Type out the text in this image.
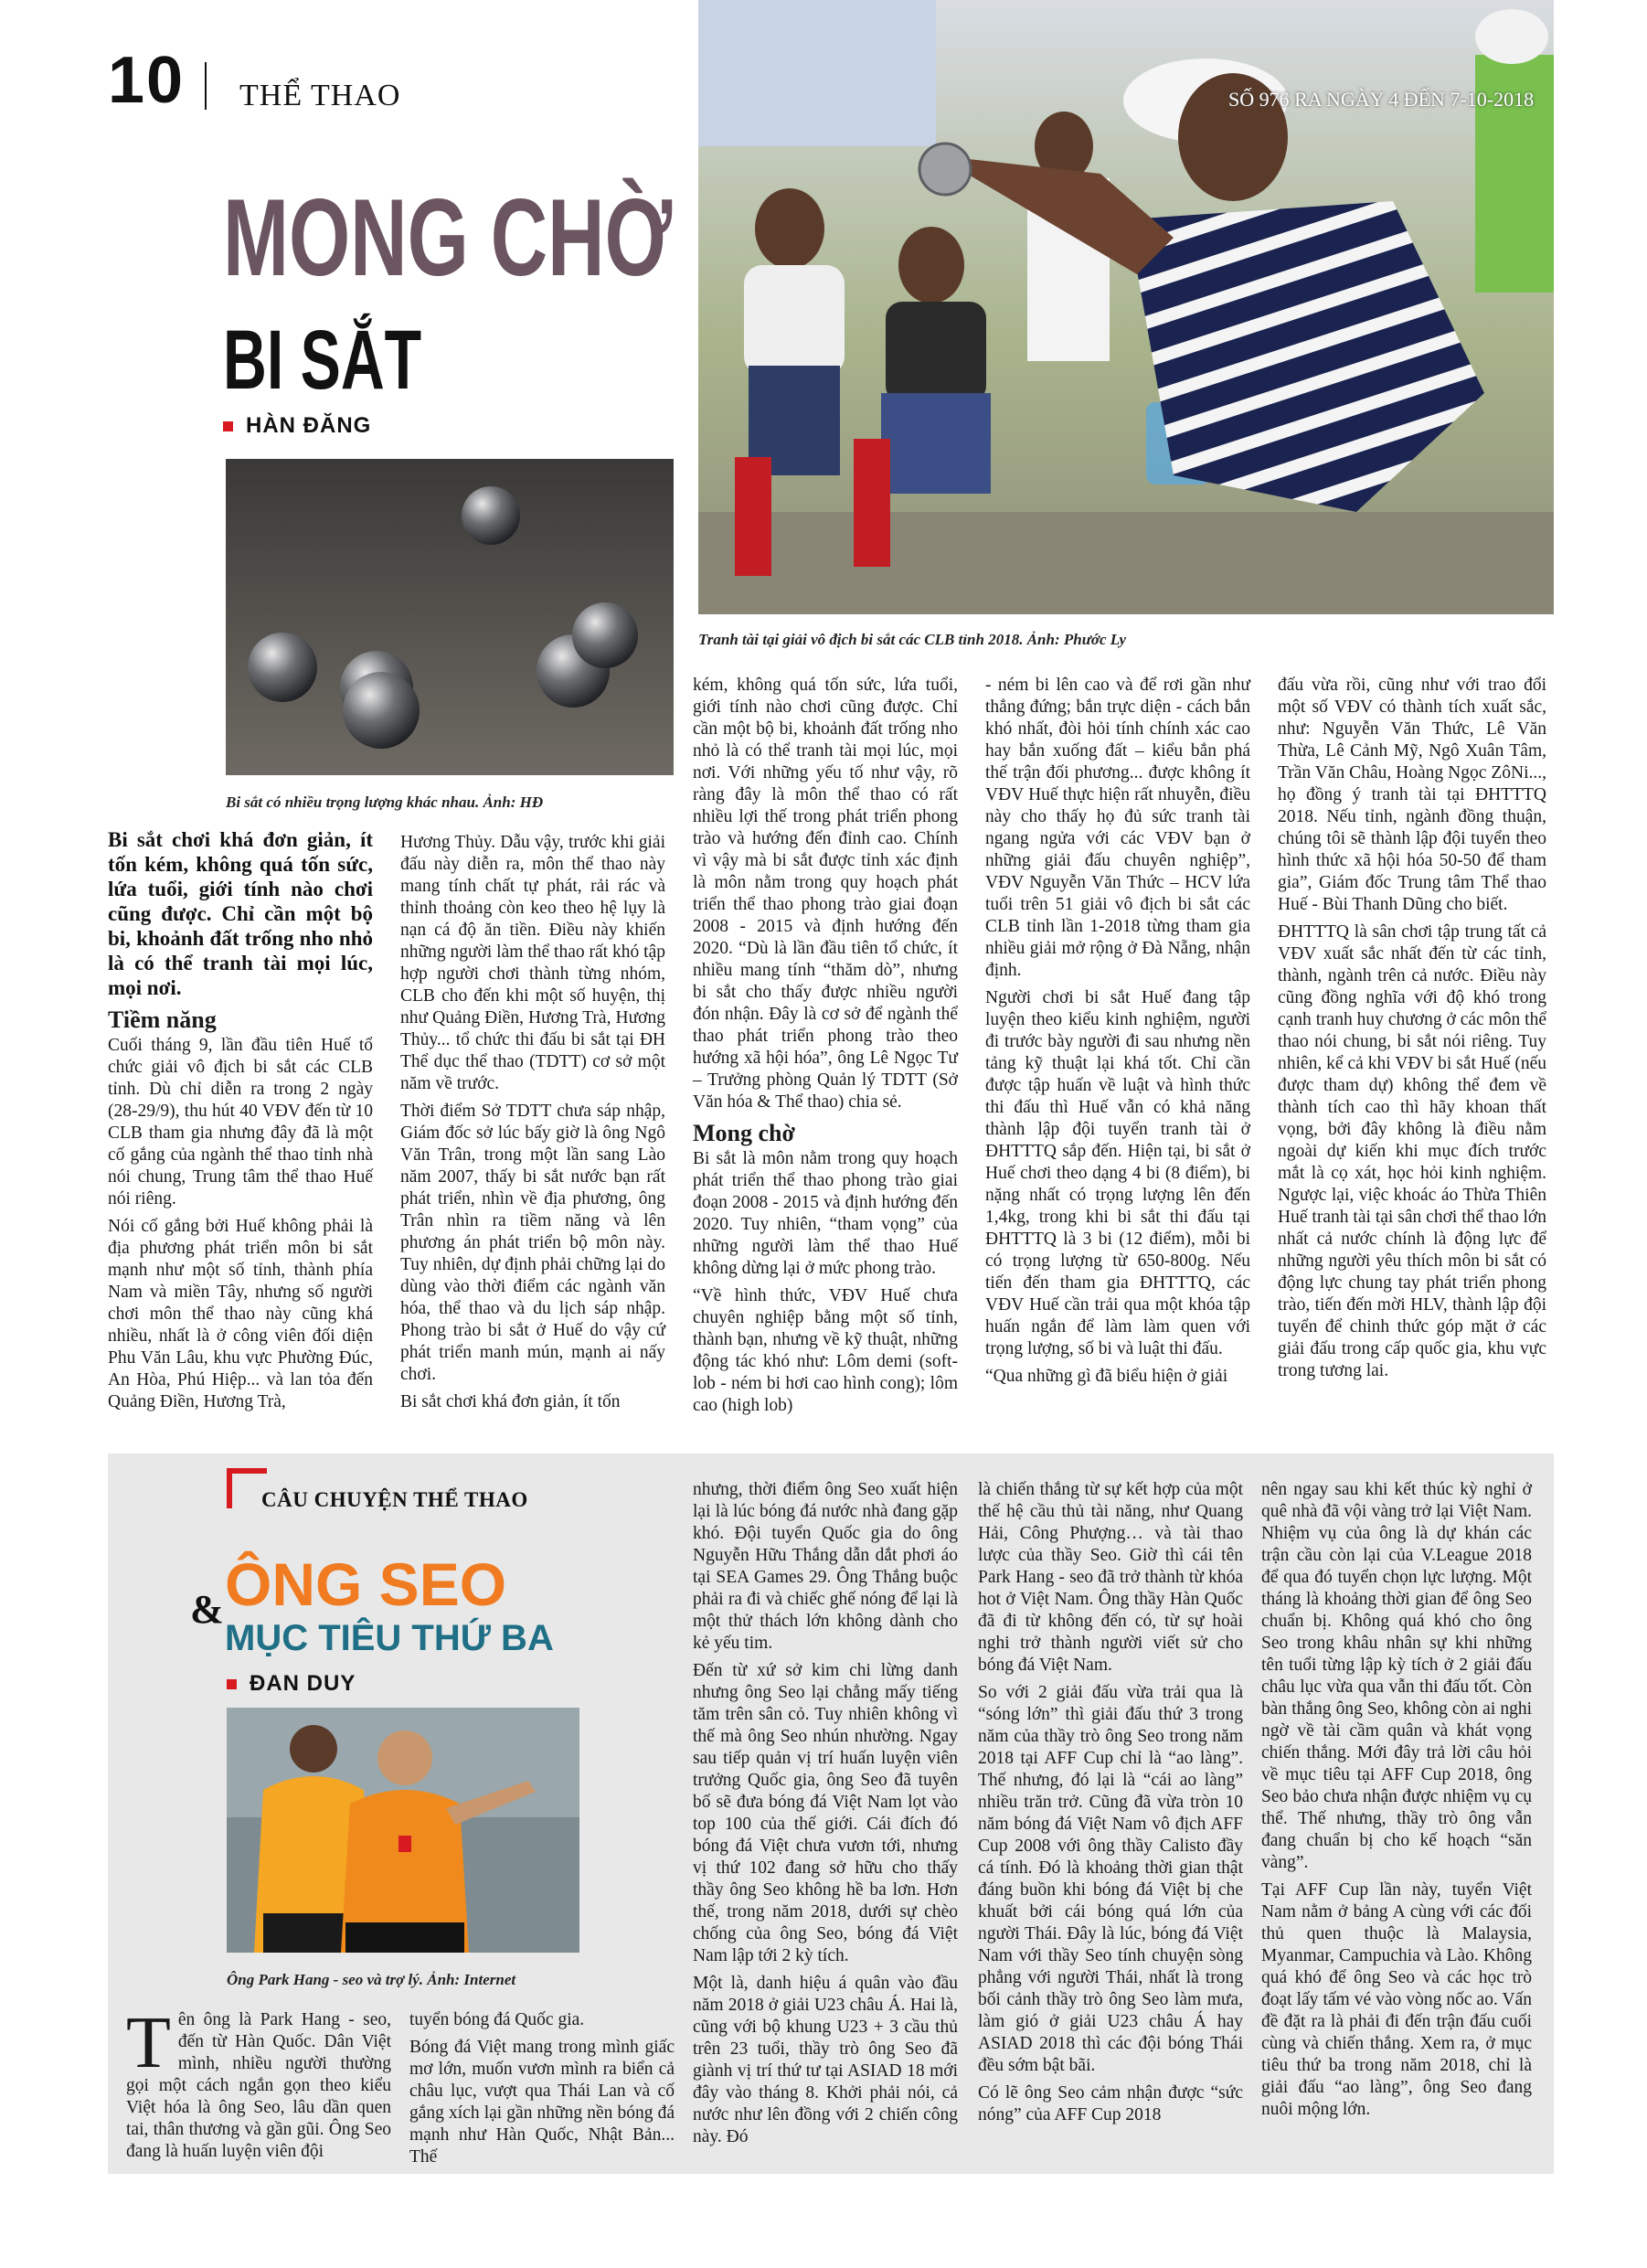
10 THỂ THAO	SỐ 976 RA NGÀY 4 ĐẾN 7-10-2018
Tranh tài tại giải vô địch bi sắt các CLB tỉnh 2018. Ảnh: Phước Ly
MONG CHỜ
BI SẮT
HÀN ĐĂNG
Bi sắt có nhiều trọng lượng khác nhau. Ảnh: HĐ

Bi sắt chơi khá đơn giản, ít tốn kém, không quá tốn sức, lứa tuổi, giới tính nào chơi cũng được. Chỉ cần một bộ bi, khoảnh đất trống nho nhỏ là có thể tranh tài mọi lúc, mọi nơi.

Tiềm năng

Cuối tháng 9, lần đầu tiên Huế tổ chức giải vô địch bi sắt các CLB tỉnh. Dù chỉ diễn ra trong 2 ngày (28-29/9), thu hút 40 VĐV đến từ 10 CLB tham gia nhưng đây đã là một cố gắng của ngành thể thao tỉnh nhà nói chung, Trung tâm thể thao Huế nói riêng.

Nói cố gắng bởi Huế không phải là địa phương phát triển môn bi sắt mạnh như một số tỉnh, thành phía Nam và miền Tây, nhưng số người chơi môn thể thao này cũng khá nhiều, nhất là ở công viên đối diện Phu Văn Lâu, khu vực Phường Đúc, An Hòa, Phú Hiệp... và lan tỏa đến Quảng Điền, Hương Trà,

Hương Thủy. Dẫu vậy, trước khi giải đấu này diễn ra, môn thể thao này mang tính chất tự phát, rải rác và thỉnh thoảng còn keo theo hệ lụy là nạn cá độ ăn tiền. Điều này khiến những người làm thể thao rất khó tập hợp người chơi thành từng nhóm, CLB cho đến khi một số huyện, thị như Quảng Điền, Hương Trà, Hương Thủy... tổ chức thi đấu bi sắt tại ĐH Thể dục thể thao (TDTT) cơ sở một năm về trước.

Thời điểm Sở TDTT chưa sáp nhập, Giám đốc sở lúc bấy giờ là ông Ngô Văn Trân, trong một lần sang Lào năm 2007, thấy bi sắt nước bạn rất phát triển, nhìn về địa phương, ông Trân nhìn ra tiềm năng và lên phương án phát triển bộ môn này. Tuy nhiên, dự định phải chững lại do dùng vào thời điểm các ngành văn hóa, thể thao và du lịch sáp nhập. Phong trào bi sắt ở Huế do vậy cứ phát triển manh mún, mạnh ai nấy chơi.

Bi sắt chơi khá đơn giản, ít tốn

kém, không quá tốn sức, lứa tuổi, giới tính nào chơi cũng được. Chỉ cần một bộ bi, khoảnh đất trống nho nhỏ là có thể tranh tài mọi lúc, mọi nơi. Với những yếu tố như vậy, rõ ràng đây là môn thể thao có rất nhiều lợi thế trong phát triển phong trào và hướng đến đỉnh cao. Chính vì vậy mà bi sắt được tỉnh xác định là môn nằm trong quy hoạch phát triển thể thao phong trào giai đoạn 2008 - 2015 và định hướng đến 2020. “Dù là lần đầu tiên tổ chức, ít nhiều mang tính “thăm dò”, nhưng bi sắt cho thấy được nhiều người đón nhận. Đây là cơ sở để ngành thể thao phát triển phong trào theo hướng xã hội hóa”, ông Lê Ngọc Tư – Trưởng phòng Quản lý TDTT (Sở Văn hóa & Thể thao) chia sẻ.

Mong chờ

Bi sắt là môn nằm trong quy hoạch phát triển thể thao phong trào giai đoạn 2008 - 2015 và định hướng đến 2020. Tuy nhiên, “tham vọng” của những người làm thể thao Huế không dừng lại ở mức phong trào.

“Về hình thức, VĐV Huế chưa chuyên nghiệp bằng một số tỉnh, thành bạn, nhưng về kỹ thuật, những động tác khó như: Lôm demi (soft-lob - ném bi hơi cao hình cong); lôm cao (high lob)

- ném bi lên cao và để rơi gần như thẳng đứng; bắn trực diện - cách bắn khó nhất, đòi hỏi tính chính xác cao hay bắn xuống đất – kiểu bắn phá thế trận đối phương... được không ít VĐV Huế thực hiện rất nhuyễn, điều này cho thấy họ đủ sức tranh tài ngang ngửa với các VĐV bạn ở những giải đấu chuyên nghiệp”, VĐV Nguyễn Văn Thức – HCV lứa tuổi trên 51 giải vô địch bi sắt các CLB tỉnh lần 1-2018 từng tham gia nhiều giải mở rộng ở Đà Nẵng, nhận định.

Người chơi bi sắt Huế đang tập luyện theo kiểu kinh nghiệm, người đi trước bày người đi sau nhưng nền tảng kỹ thuật lại khá tốt. Chỉ cần được tập huấn về luật và hình thức thi đấu thì Huế vẫn có khả năng thành lập đội tuyển tranh tài ở ĐHTTTQ sắp đến. Hiện tại, bi sắt ở Huế chơi theo dạng 4 bi (8 điểm), bi nặng nhất có trọng lượng lên đến 1,4kg, trong khi bi sắt thi đấu tại ĐHTTTQ là 3 bi (12 điểm), mỗi bi có trọng lượng từ 650-800g. Nếu tiến đến tham gia ĐHTTTQ, các VĐV Huế cần trải qua một khóa tập huấn ngắn để làm làm quen với trọng lượng, số bi và luật thi đấu.

“Qua những gì đã biểu hiện ở giải

đấu vừa rồi, cũng như với trao đổi một số VĐV có thành tích xuất sắc, như: Nguyễn Văn Thức, Lê Văn Thừa, Lê Cảnh Mỹ, Ngô Xuân Tâm, Trần Văn Châu, Hoàng Ngọc ZôNi..., họ đồng ý tranh tài tại ĐHTTTQ 2018. Nếu tỉnh, ngành đồng thuận, chúng tôi sẽ thành lập đội tuyển theo hình thức xã hội hóa 50-50 để tham gia”, Giám đốc Trung tâm Thể thao Huế - Bùi Thanh Dũng cho biết.

ĐHTTTQ là sân chơi tập trung tất cả VĐV xuất sắc nhất đến từ các tỉnh, thành, ngành trên cả nước. Điều này cũng đồng nghĩa với độ khó trong cạnh tranh huy chương ở các môn thể thao nói chung, bi sắt nói riêng. Tuy nhiên, kể cả khi VĐV bi sắt Huế (nếu được tham dự) không thể đem về thành tích cao thì hãy khoan thất vọng, bởi đây không là điều nằm ngoài dự kiến khi mục đích trước mắt là cọ xát, học hỏi kinh nghiệm. Ngược lại, việc khoác áo Thừa Thiên Huế tranh tài tại sân chơi thể thao lớn nhất cả nước chính là động lực để những người yêu thích môn bi sắt có động lực chung tay phát triển phong trào, tiến đến mời HLV, thành lập đội tuyển để chinh thức góp mặt ở các giải đấu trong cấp quốc gia, khu vực trong tương lai.

CÂU CHUYỆN THỂ THAO
ÔNG SEO
&
MỤC TIÊU THỨ BA
ĐAN DUY
Ông Park Hang - seo và trợ lý. Ảnh: Internet

Tên ông là Park Hang - seo, đến từ Hàn Quốc. Dân Việt mình, nhiều người thường gọi một cách ngắn gọn theo kiểu Việt hóa là ông Seo, lâu dần quen tai, thân thương và gần gũi. Ông Seo đang là huấn luyện viên đội

tuyển bóng đá Quốc gia.

Bóng đá Việt mang trong mình giấc mơ lớn, muốn vươn mình ra biển cả châu lục, vượt qua Thái Lan và cố gắng xích lại gần những nền bóng đá mạnh như Hàn Quốc, Nhật Bản... Thế

nhưng, thời điểm ông Seo xuất hiện lại là lúc bóng đá nước nhà đang gặp khó. Đội tuyển Quốc gia do ông Nguyễn Hữu Thắng dẫn dắt phơi áo tại SEA Games 29. Ông Thắng buộc phải ra đi và chiếc ghế nóng để lại là một thử thách lớn không dành cho kẻ yếu tim.

Đến từ xứ sở kim chi lừng danh nhưng ông Seo lại chẳng mấy tiếng tăm trên sân cỏ. Tuy nhiên không vì thế mà ông Seo nhún nhường. Ngay sau tiếp quản vị trí huấn luyện viên trưởng Quốc gia, ông Seo đã tuyên bố sẽ đưa bóng đá Việt Nam lọt vào top 100 của thế giới. Cái đích đó bóng đá Việt chưa vươn tới, nhưng vị thứ 102 đang sở hữu cho thấy thầy ông Seo không hề ba lơn. Hơn thế, trong năm 2018, dưới sự chèo chống của ông Seo, bóng đá Việt Nam lập tới 2 kỳ tích.

Một là, danh hiệu á quân vào đầu năm 2018 ở giải U23 châu Á. Hai là, cũng với bộ khung U23 + 3 cầu thủ trên 23 tuổi, thầy trò ông Seo đã giành vị trí thứ tư tại ASIAD 18 mới đây vào tháng 8. Khởi phải nói, cả nước như lên đồng với 2 chiến công này. Đó

là chiến thắng từ sự kết hợp của một thế hệ cầu thủ tài năng, như Quang Hải, Công Phượng… và tài thao lược của thầy Seo. Giờ thì cái tên Park Hang - seo đã trở thành từ khóa hot ở Việt Nam. Ông thầy Hàn Quốc đã đi từ không đến có, từ sự hoài nghi trở thành người viết sử cho bóng đá Việt Nam.

So với 2 giải đấu vừa trải qua là “sóng lớn” thì giải đấu thứ 3 trong năm của thầy trò ông Seo trong năm 2018 tại AFF Cup chỉ là “ao làng”. Thế nhưng, đó lại là “cái ao làng” nhiều trăn trở. Cũng đã vừa tròn 10 năm bóng đá Việt Nam vô địch AFF Cup 2008 với ông thầy Calisto đầy cá tính. Đó là khoảng thời gian thật đáng buồn khi bóng đá Việt bị che khuất bởi cái bóng quá lớn của người Thái. Đây là lúc, bóng đá Việt Nam với thầy Seo tính chuyện sòng phẳng với người Thái, nhất là trong bối cảnh thầy trò ông Seo làm mưa, làm gió ở giải U23 châu Á hay ASIAD 2018 thì các đội bóng Thái đều sớm bật bãi.

Có lẽ ông Seo cảm nhận được “sức nóng” của AFF Cup 2018

nên ngay sau khi kết thúc kỳ nghỉ ở quê nhà đã vội vàng trở lại Việt Nam. Nhiệm vụ của ông là dự khán các trận cầu còn lại của V.League 2018 để qua đó tuyển chọn lực lượng. Một tháng là khoảng thời gian để ông Seo chuẩn bị. Không quá khó cho ông Seo trong khâu nhân sự khi những tên tuổi từng lập kỳ tích ở 2 giải đấu châu lục vừa qua vẫn thi đấu tốt. Còn bàn thắng ông Seo, không còn ai nghi ngờ về tài cầm quân và khát vọng chiến thắng. Mới đây trả lời câu hỏi về mục tiêu tại AFF Cup 2018, ông Seo bảo chưa nhận được nhiệm vụ cụ thể. Thế nhưng, thầy trò ông vẫn đang chuẩn bị cho kế hoạch “săn vàng”.

Tại AFF Cup lần này, tuyển Việt Nam nằm ở bảng A cùng với các đối thủ quen thuộc là Malaysia, Myanmar, Campuchia và Lào. Không quá khó để ông Seo và các học trò đoạt lấy tấm vé vào vòng nốc ao. Vấn đề đặt ra là phải đi đến trận đấu cuối cùng và chiến thắng. Xem ra, ở mục tiêu thứ ba trong năm 2018, chỉ là giải đấu “ao làng”, ông Seo đang nuôi mộng lớn.
